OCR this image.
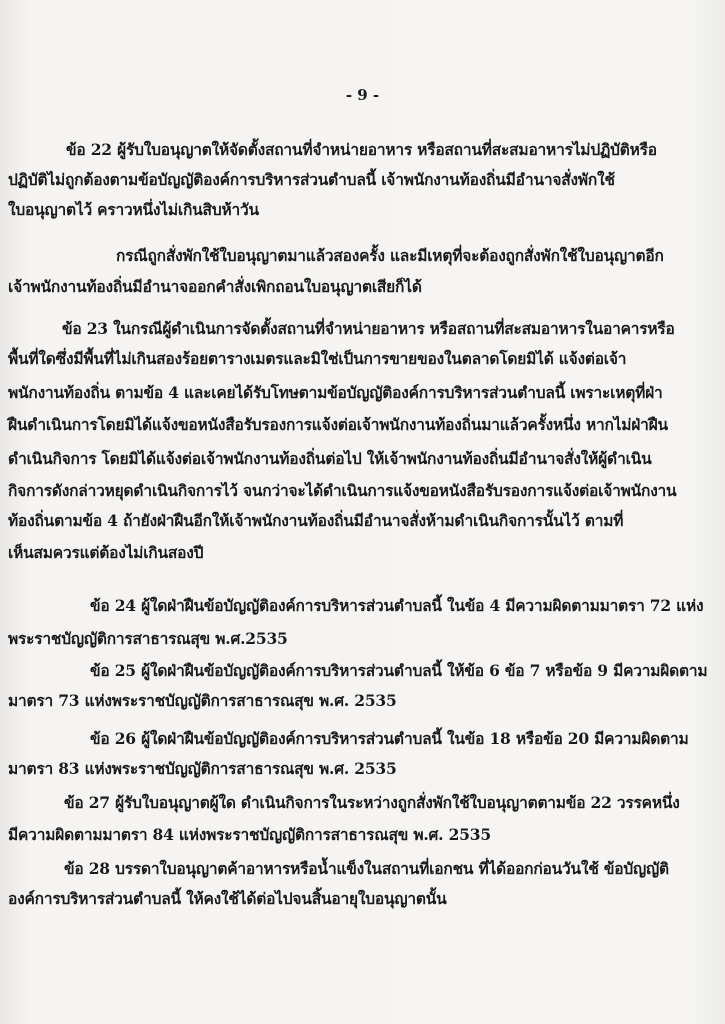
- 9 -
ข้อ 22 ผู้รับใบอนุญาตให้จัดตั้งสถานที่จำหน่ายอาหาร หรือสถานที่สะสมอาหารไม่ปฏิบัติหรือ
ปฏิบัติไม่ถูกต้องตามข้อบัญญัติองค์การบริหารส่วนตำบลนี้ เจ้าพนักงานท้องถิ่นมีอำนาจสั่งพักใช้
ใบอนุญาตไว้ คราวหนึ่งไม่เกินสิบห้าวัน
กรณีถูกสั่งพักใช้ใบอนุญาตมาแล้วสองครั้ง และมีเหตุที่จะต้องถูกสั่งพักใช้ใบอนุญาตอีก
เจ้าพนักงานท้องถิ่นมีอำนาจออกคำสั่งเพิกถอนใบอนุญาตเสียก็ได้
ข้อ 23 ในกรณีผู้ดำเนินการจัดตั้งสถานที่จำหน่ายอาหาร หรือสถานที่สะสมอาหารในอาคารหรือ
พื้นที่ใดซึ่งมีพื้นที่ไม่เกินสองร้อยตารางเมตรและมิใช่เป็นการขายของในตลาดโดยมิได้ แจ้งต่อเจ้า
พนักงานท้องถิ่น ตามข้อ 4 และเคยได้รับโทษตามข้อบัญญัติองค์การบริหารส่วนตำบลนี้ เพราะเหตุที่ฝ่า
ฝืนดำเนินการโดยมิได้แจ้งขอหนังสือรับรองการแจ้งต่อเจ้าพนักงานท้องถิ่นมาแล้วครั้งหนึ่ง หากไม่ฝ่าฝืน
ดำเนินกิจการ โดยมิได้แจ้งต่อเจ้าพนักงานท้องถิ่นต่อไป ให้เจ้าพนักงานท้องถิ่นมีอำนาจสั่งให้ผู้ดำเนิน
กิจการดังกล่าวหยุดดำเนินกิจการไว้ จนกว่าจะได้ดำเนินการแจ้งขอหนังสือรับรองการแจ้งต่อเจ้าพนักงาน
ท้องถิ่นตามข้อ 4 ถ้ายังฝ่าฝืนอีกให้เจ้าพนักงานท้องถิ่นมีอำนาจสั่งห้ามดำเนินกิจการนั้นไว้ ตามที่
เห็นสมควรแต่ต้องไม่เกินสองปี
ข้อ 24 ผู้ใดฝ่าฝืนข้อบัญญัติองค์การบริหารส่วนตำบลนี้ ในข้อ 4 มีความผิดตามมาตรา 72 แห่ง
พระราชบัญญัติการสาธารณสุข พ.ศ.2535
ข้อ 25 ผู้ใดฝ่าฝืนข้อบัญญัติองค์การบริหารส่วนตำบลนี้ ให้ข้อ 6 ข้อ 7 หรือข้อ 9 มีความผิดตาม
มาตรา 73 แห่งพระราชบัญญัติการสาธารณสุข พ.ศ. 2535
ข้อ 26 ผู้ใดฝ่าฝืนข้อบัญญัติองค์การบริหารส่วนตำบลนี้ ในข้อ 18 หรือข้อ 20 มีความผิดตาม
มาตรา 83 แห่งพระราชบัญญัติการสาธารณสุข พ.ศ. 2535
ข้อ 27 ผู้รับใบอนุญาตผู้ใด ดำเนินกิจการในระหว่างถูกสั่งพักใช้ใบอนุญาตตามข้อ 22 วรรคหนึ่ง
มีความผิดตามมาตรา 84 แห่งพระราชบัญญัติการสาธารณสุข พ.ศ. 2535
ข้อ 28 บรรดาใบอนุญาตค้าอาหารหรือน้ำแข็งในสถานที่เอกชน ที่ได้ออกก่อนวันใช้ ข้อบัญญัติ
องค์การบริหารส่วนตำบลนี้ ให้คงใช้ได้ต่อไปจนสิ้นอายุใบอนุญาตนั้น
